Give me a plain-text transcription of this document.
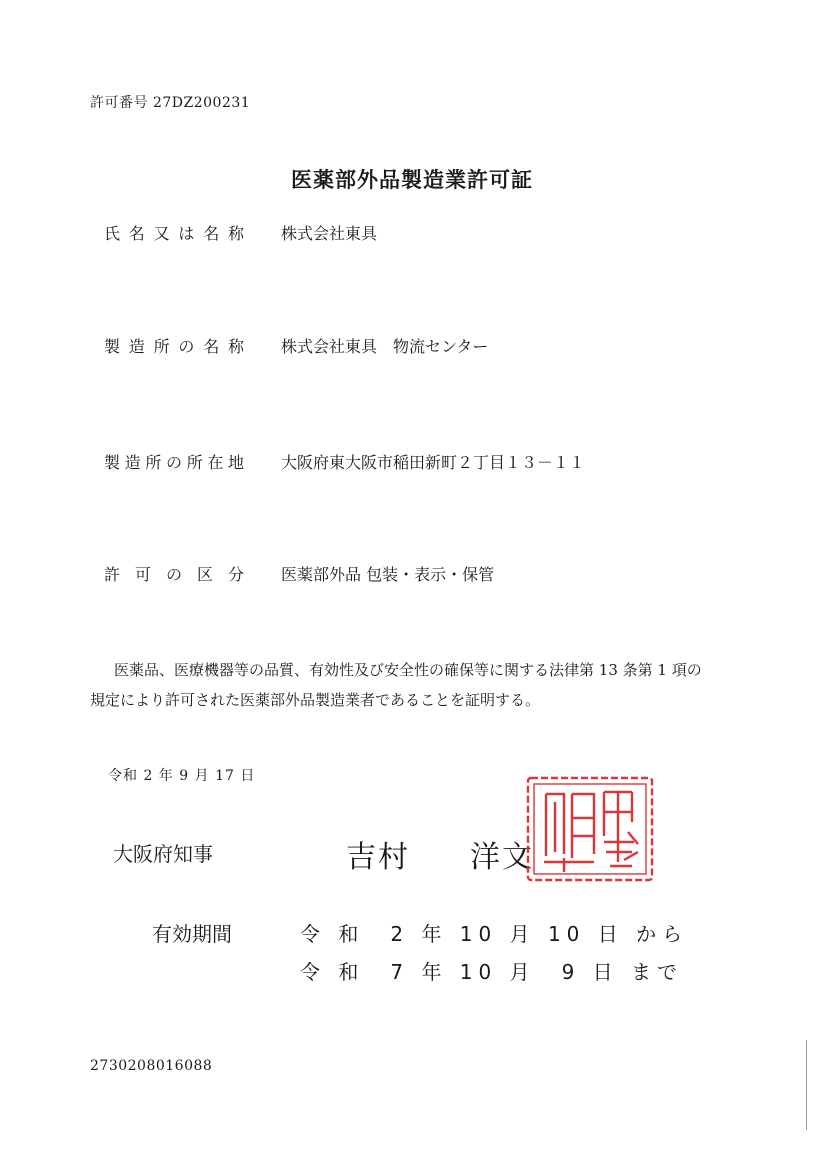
許可番号 27DZ200231
医薬部外品製造業許可証
氏名又は名称 株式会社東具
製造所の名称 株式会社東具　物流センター
製造所の所在地 大阪府東大阪市稲田新町２丁目１３－１１
許可の区分 医薬部外品 包装・表示・保管
医薬品、医療機器等の品質、有効性及び安全性の確保等に関する法律第 13 条第 1 項の
規定により許可された医薬部外品製造業者であることを証明する。
令和 2 年 9 月 17 日
大阪府知事	吉村 洋文
有効期間	令 和　2 年 10 月 10 日 から
令 和　7 年 10 月　9 日 まで
2730208016088
